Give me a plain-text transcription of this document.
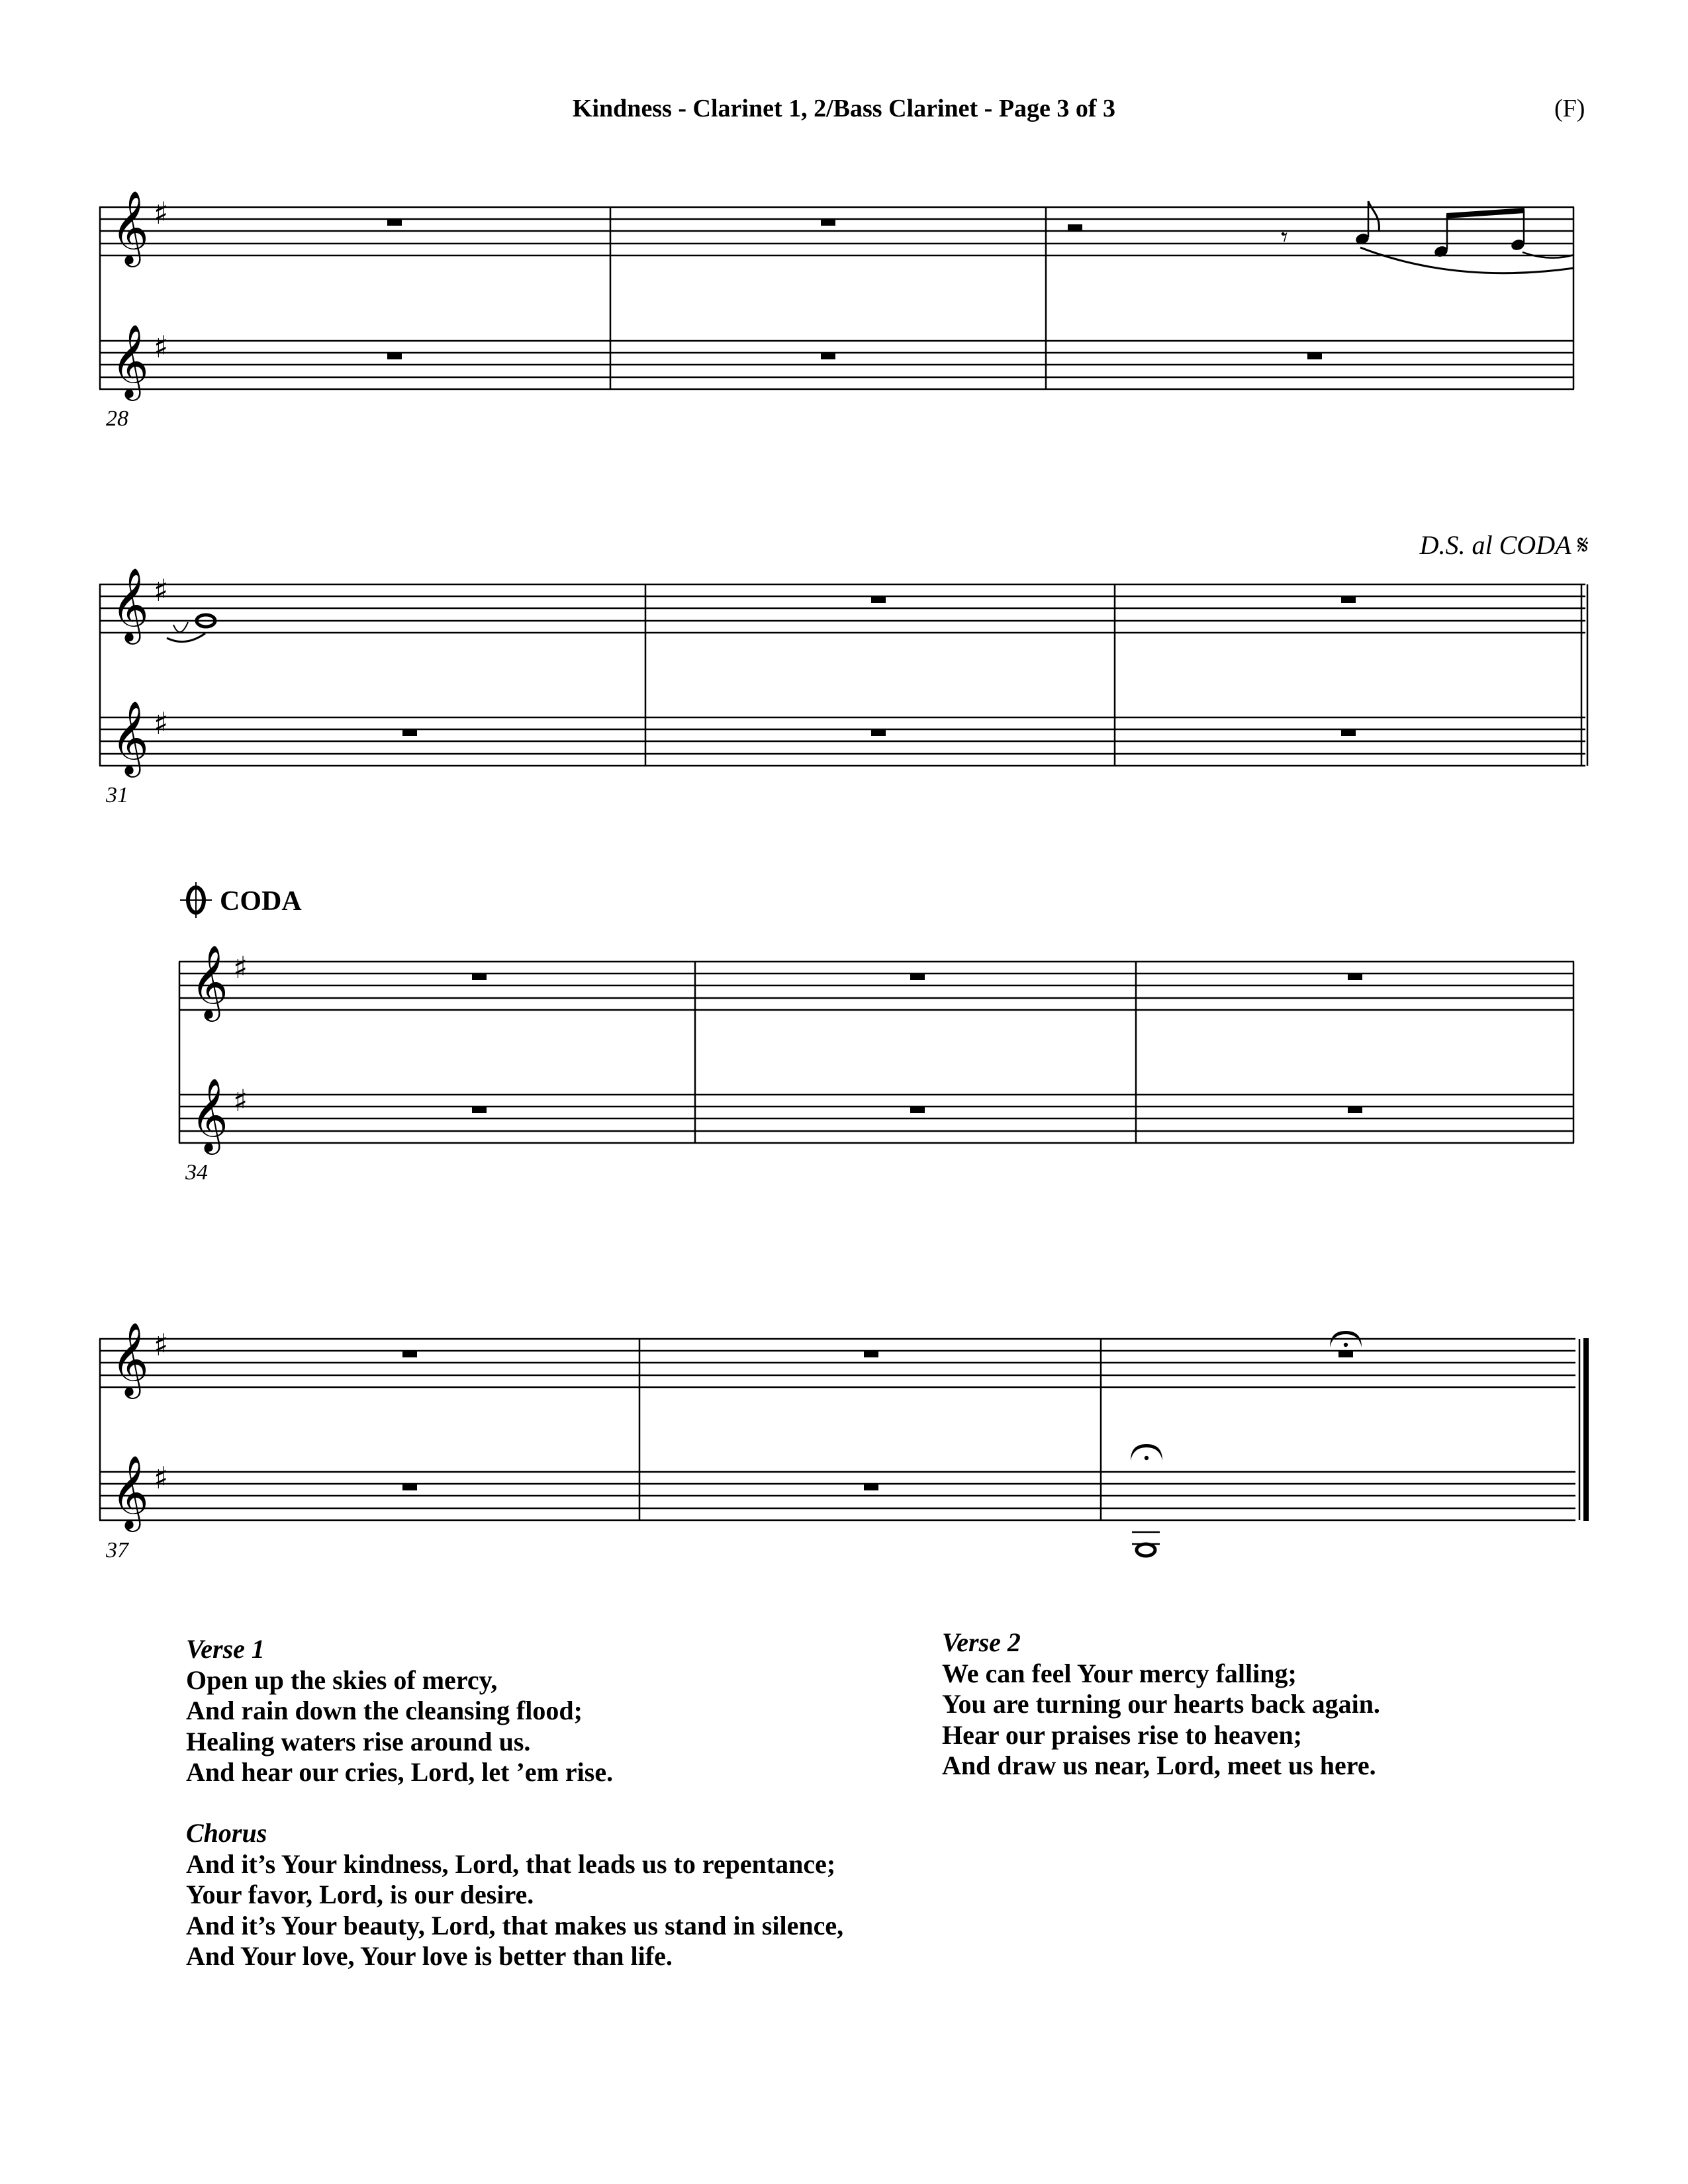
Kindness - Clarinet 1, 2/Bass Clarinet - Page 3 of 3	(F)
𝄞
𝄞
♯
♯
𝄾
28
𝄞
𝄞
♯
♯
31
𝄞
𝄞
♯
♯
34
𝄞
𝄞
♯
♯
37
D.S. al CODA 𝄋
CODA
Verse 1
Open up the skies of mercy,
And rain down the cleansing flood;
Healing waters rise around us.
And hear our cries, Lord, let ’em rise.
Chorus
And it’s Your kindness, Lord, that leads us to repentance;
Your favor, Lord, is our desire.
And it’s Your beauty, Lord, that makes us stand in silence,
And Your love, Your love is better than life.
Verse 2
We can feel Your mercy falling;
You are turning our hearts back again.
Hear our praises rise to heaven;
And draw us near, Lord, meet us here.
